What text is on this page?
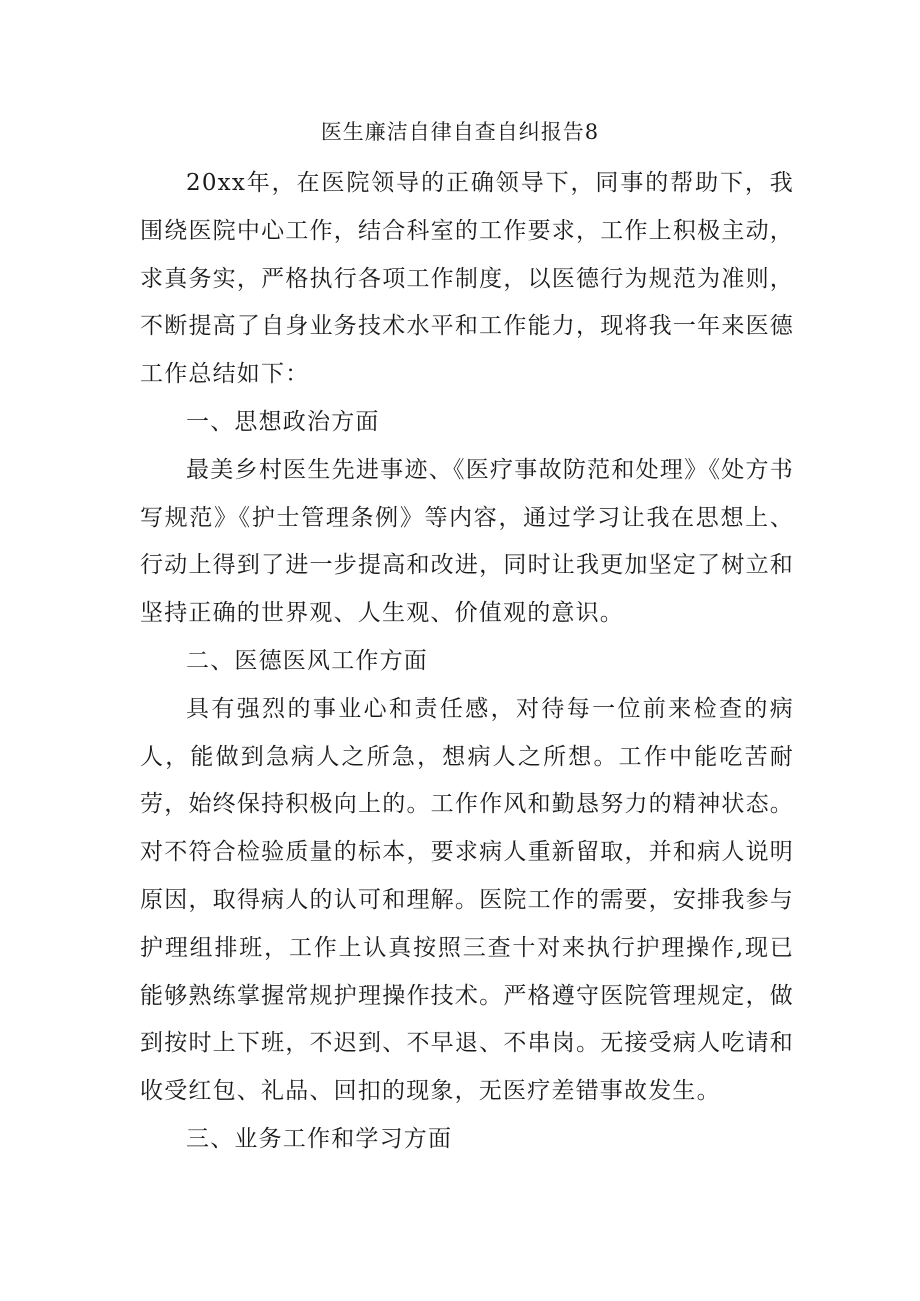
医生廉洁自律自查自纠报告8

20xx年，在医院领导的正确领导下，同事的帮助下，我围绕医院中心工作，结合科室的工作要求，工作上积极主动，求真务实，严格执行各项工作制度，以医德行为规范为准则，不断提高了自身业务技术水平和工作能力，现将我一年来医德工作总结如下：

一、思想政治方面

最美乡村医生先进事迹、《医疗事故防范和处理》《处方书写规范》《护士管理条例》等内容，通过学习让我在思想上、行动上得到了进一步提高和改进，同时让我更加坚定了树立和坚持正确的世界观、人生观、价值观的意识。

二、医德医风工作方面

具有强烈的事业心和责任感，对待每一位前来检查的病人，能做到急病人之所急，想病人之所想。工作中能吃苦耐劳，始终保持积极向上的。工作作风和勤恳努力的精神状态。对不符合检验质量的标本，要求病人重新留取，并和病人说明原因，取得病人的认可和理解。医院工作的需要，安排我参与护理组排班，工作上认真按照三查十对来执行护理操作,现已能够熟练掌握常规护理操作技术。严格遵守医院管理规定，做到按时上下班，不迟到、不早退、不串岗。无接受病人吃请和收受红包、礼品、回扣的现象，无医疗差错事故发生。

三、业务工作和学习方面
